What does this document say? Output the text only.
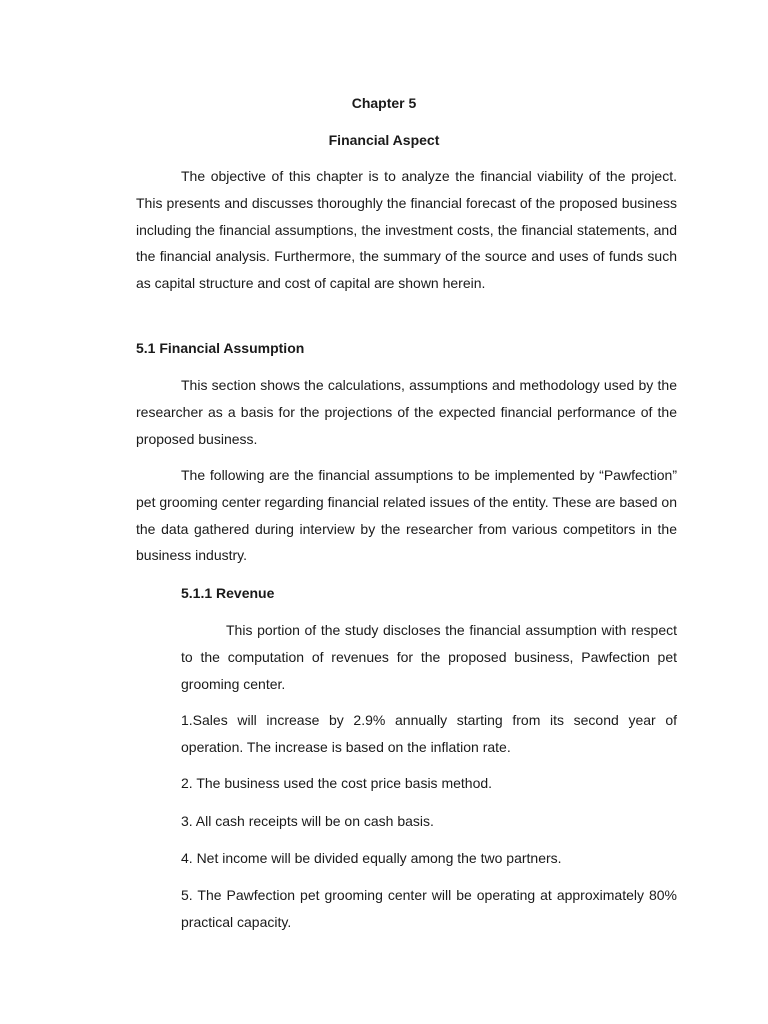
Chapter 5
Financial Aspect

The objective of this chapter is to analyze the financial viability of the project. This presents and discusses thoroughly the financial forecast of the proposed business including the financial assumptions, the investment costs, the financial statements, and the financial analysis. Furthermore, the summary of the source and uses of funds such as capital structure and cost of capital are shown herein.

5.1 Financial Assumption

This section shows the calculations, assumptions and methodology used by the researcher as a basis for the projections of the expected financial performance of the proposed business.

The following are the financial assumptions to be implemented by “Pawfection” pet grooming center regarding financial related issues of the entity. These are based on the data gathered during interview by the researcher from various competitors in the business industry.

5.1.1 Revenue

This portion of the study discloses the financial assumption with respect to the computation of revenues for the proposed business, Pawfection pet grooming center.

1.Sales will increase by 2.9% annually starting from its second year of operation. The increase is based on the inflation rate.

2. The business used the cost price basis method.

3. All cash receipts will be on cash basis.

4. Net income will be divided equally among the two partners.

5. The Pawfection pet grooming center will be operating at approximately 80% practical capacity.
